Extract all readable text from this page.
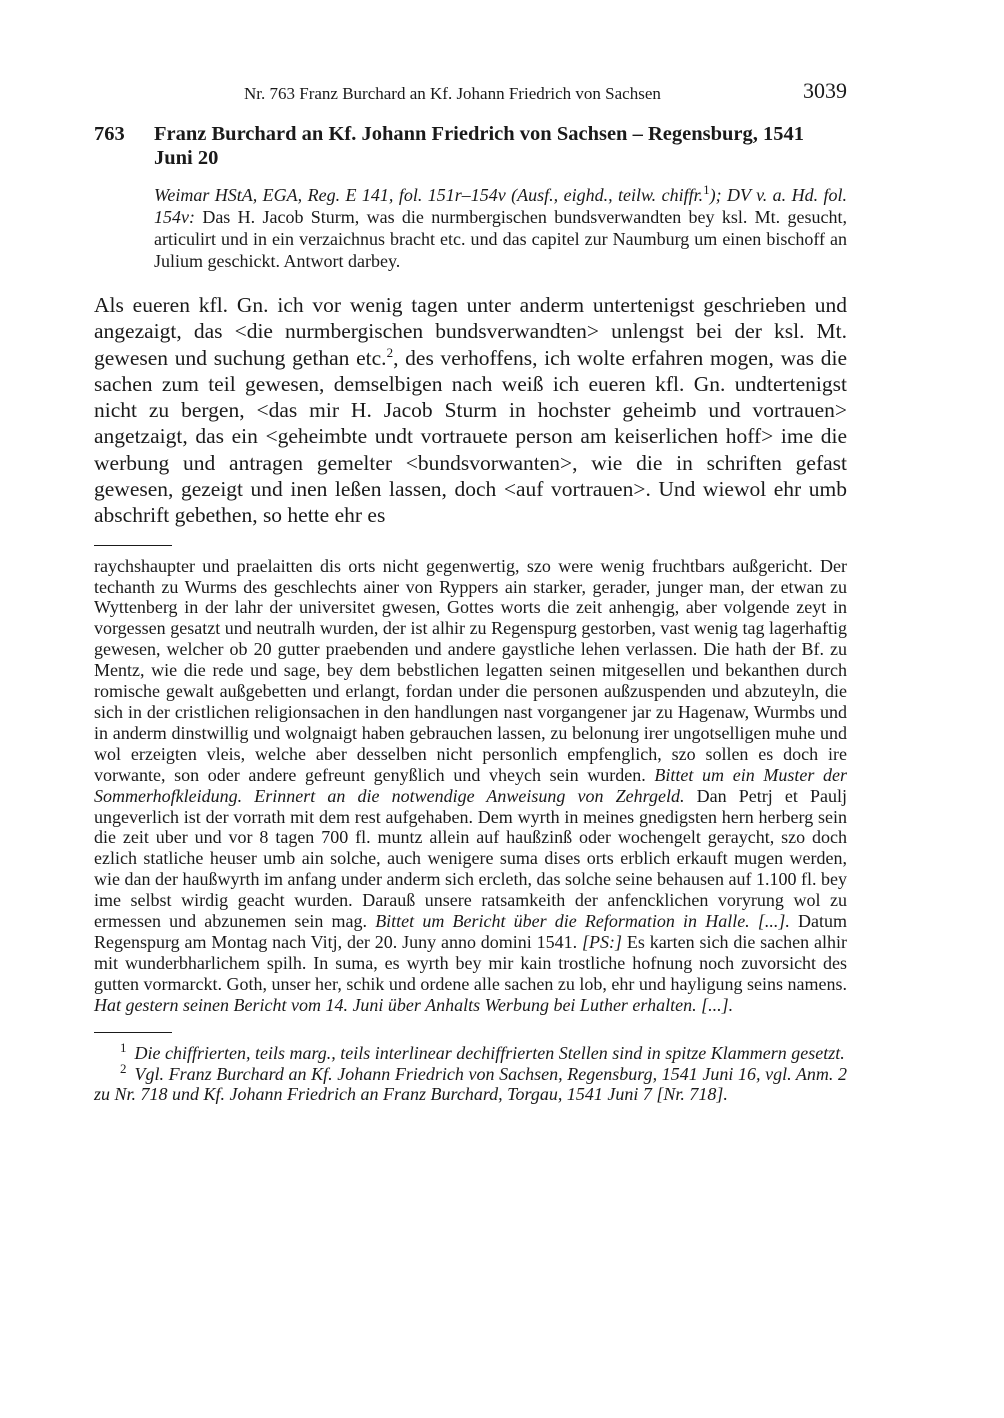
Nr. 763 Franz Burchard an Kf. Johann Friedrich von Sachsen	3039
763	Franz Burchard an Kf. Johann Friedrich von Sachsen – Regensburg, 1541 Juni 20
Weimar HStA, EGA, Reg. E 141, fol. 151r–154v (Ausf., eighd., teilw. chiffr.$^1$); DV v. a. Hd. fol. 154v: Das H. Jacob Sturm, was die nurmbergischen bundsverwandten bey ksl. Mt. gesucht, articulirt und in ein verzaichnus bracht etc. und das capitel zur Naumburg um einen bischoff an Julium geschickt. Antwort darbey.
Als eueren kfl. Gn. ich vor wenig tagen unter anderm untertenigst geschrieben und angezaigt, das <die nurmbergischen bundsverwandten> unlengst bei der ksl. Mt. gewesen und suchung gethan etc.$^2$, des verhoffens, ich wolte erfahren mogen, was die sachen zum teil gewesen, demselbigen nach weiß ich eueren kfl. Gn. undtertenigst nicht zu bergen, <das mir H. Jacob Sturm in hochster geheimb und vortrauen> angetzaigt, das ein <geheimbte undt vortrauete person am keiserlichen hoff> ime die werbung und antragen gemelter <bundsvorwanten>, wie die in schriften gefast gewesen, gezeigt und inen leßen lassen, doch <auf vortrauen>. Und wiewol ehr umb abschrift gebethen, so hette ehr es
raychshaupter und praelaitten dis orts nicht gegenwertig, szo were wenig fruchtbars außgericht. Der techanth zu Wurms des geschlechts ainer von Ryppers ain starker, gerader, junger man, der etwan zu Wyttenberg in der lahr der universitet gwesen, Gottes worts die zeit anhengig, aber volgende zeyt in vorgessen gesatzt und neutralh wurden, der ist alhir zu Regenspurg gestorben, vast wenig tag lagerhaftig gewesen, welcher ob 20 gutter praebenden und andere gaystliche lehen verlassen. Die hath der Bf. zu Mentz, wie die rede und sage, bey dem bebstlichen legatten seinen mitgesellen und bekanthen durch romische gewalt außgebetten und erlangt, fordan under die personen außzuspenden und abzuteyln, die sich in der cristlichen religionsachen in den handlungen nast vorgangener jar zu Hagenaw, Wurmbs und in anderm dinstwillig und wolgnaigt haben gebrauchen lassen, zu belonung irer ungotselligen muhe und wol erzeigten vleis, welche aber desselben nicht personlich empfenglich, szo sollen es doch ire vorwante, son oder andere gefreunt genyßlich und vheych sein wurden. Bittet um ein Muster der Sommerhofkleidung. Erinnert an die notwendige Anweisung von Zehrgeld. Dan Petrj et Paulj ungeverlich ist der vorrath mit dem rest aufgehaben. Dem wyrth in meines gnedigsten hern herberg sein die zeit uber und vor 8 tagen 700 fl. muntz allein auf haußzinß oder wochengelt geraycht, szo doch ezlich statliche heuser umb ain solche, auch wenigere suma dises orts erblich erkauft mugen werden, wie dan der haußwyrth im anfang under anderm sich ercleth, das solche seine behausen auf 1.100 fl. bey ime selbst wirdig geacht wurden. Darauß unsere ratsamkeith der anfencklichen voryrung wol zu ermessen und abzunemen sein mag. Bittet um Bericht über die Reformation in Halle. [...]. Datum Regenspurg am Montag nach Vitj, der 20. Juny anno domini 1541. [PS:] Es karten sich die sachen alhir mit wunderbharlichem spilh. In suma, es wyrth bey mir kain trostliche hofnung noch zuvorsicht des gutten vormarckt. Goth, unser her, schik und ordene alle sachen zu lob, ehr und hayligung seins namens. Hat gestern seinen Bericht vom 14. Juni über Anhalts Werbung bei Luther erhalten. [...].
$^1$ Die chiffrierten, teils marg., teils interlinear dechiffrierten Stellen sind in spitze Klammern gesetzt.
$^2$ Vgl. Franz Burchard an Kf. Johann Friedrich von Sachsen, Regensburg, 1541 Juni 16, vgl. Anm. 2 zu Nr. 718 und Kf. Johann Friedrich an Franz Burchard, Torgau, 1541 Juni 7 [Nr. 718].
